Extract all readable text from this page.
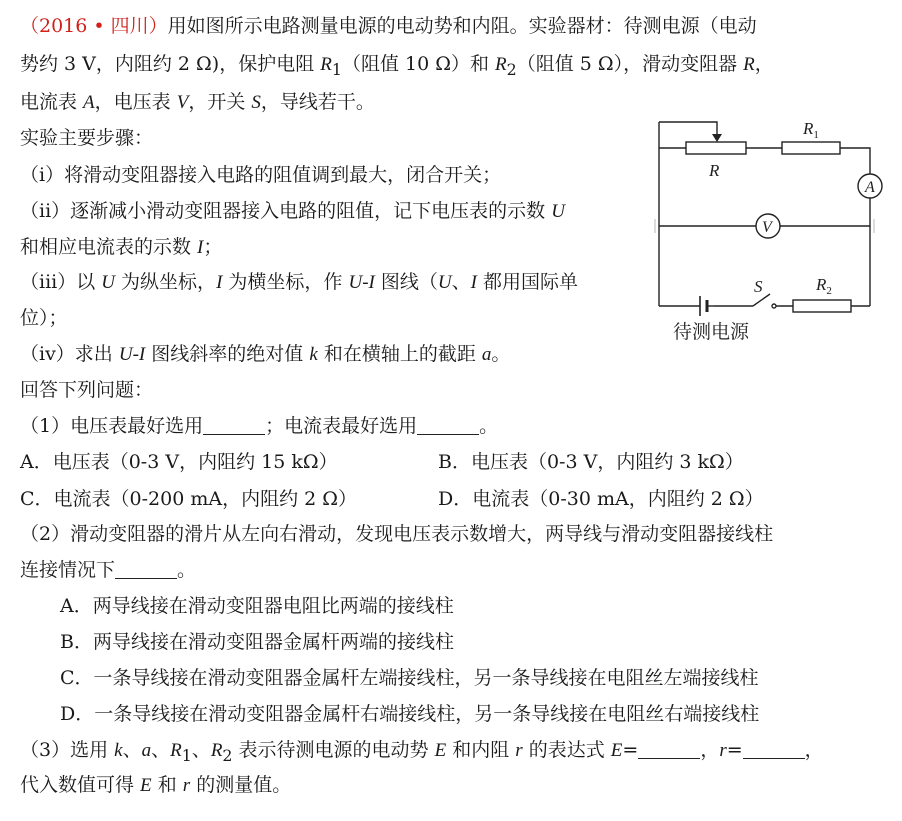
（2016 • 四川）用如图所示电路测量电源的电动势和内阻。实验器材：待测电源（电动
势约 3 V，内阻约 2 Ω)，保护电阻 $R_1$（阻值 10 Ω）和 $R_2$（阻值 5 Ω），滑动变阻器 R，
电流表 A，电压表 V，开关 S，导线若干。
实验主要步骤：
（i）将滑动变阻器接入电路的阻值调到最大，闭合开关；
（ii）逐渐减小滑动变阻器接入电路的阻值，记下电压表的示数 U
和相应电流表的示数 I；
（iii）以 U 为纵坐标，I 为横坐标，作 U-I 图线（U、I 都用国际单
位）；
（iv）求出 U-I 图线斜率的绝对值 k 和在横轴上的截距 a。
回答下列问题：
（1）电压表最好选用	；电流表最好选用	。
A．电压表（0-3 V，内阻约 15 kΩ）	B．电压表（0-3 V，内阻约 3 kΩ）
C．电流表（0-200 mA，内阻约 2 Ω）	D．电流表（0-30 mA，内阻约 2 Ω）
（2）滑动变阻器的滑片从左向右滑动，发现电压表示数增大，两导线与滑动变阻器接线柱
连接情况下	。
A．两导线接在滑动变阻器电阻比两端的接线柱
B．两导线接在滑动变阻器金属杆两端的接线柱
C．一条导线接在滑动变阻器金属杆左端接线柱，另一条导线接在电阻丝左端接线柱
D．一条导线接在滑动变阻器金属杆右端接线柱，另一条导线接在电阻丝右端接线柱
（3）选用 k、a、$R_1$、$R_2$ 表示待测电源的电动势 E 和内阻 r 的表达式 E=	，r=	，
代入数值可得 E 和 r 的测量值。
R
$R_1$
A
V
S	$R_2$
待测电源
